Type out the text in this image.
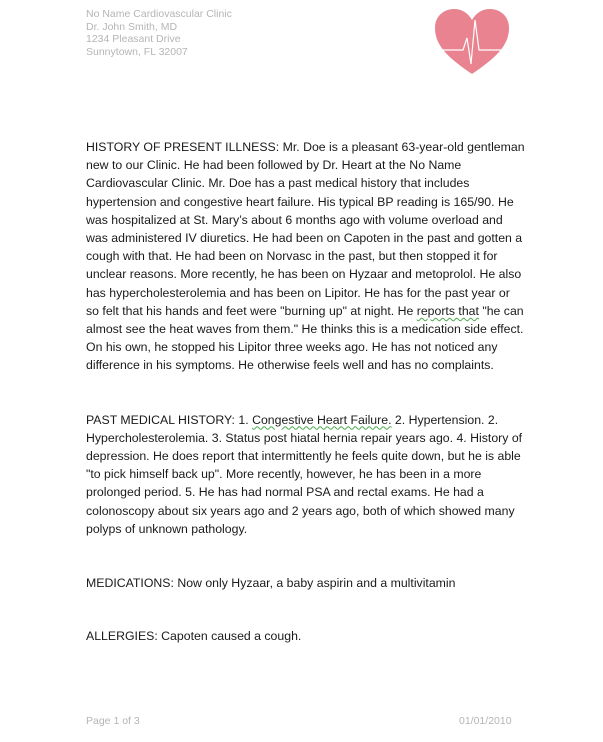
No Name Cardiovascular Clinic
Dr. John Smith, MD
1234 Pleasant Drive
Sunnytown, FL 32007

HISTORY OF PRESENT ILLNESS: Mr. Doe is a pleasant 63-year-old gentleman new to our Clinic. He had been followed by Dr. Heart at the No Name Cardiovascular Clinic. Mr. Doe has a past medical history that includes hypertension and congestive heart failure. His typical BP reading is 165/90. He was hospitalized at St. Mary’s about 6 months ago with volume overload and was administered IV diuretics. He had been on Capoten in the past and gotten a cough with that. He had been on Norvasc in the past, but then stopped it for unclear reasons. More recently, he has been on Hyzaar and metoprolol. He also has hypercholesterolemia and has been on Lipitor. He has for the past year or so felt that his hands and feet were "burning up" at night. He reports that "he can almost see the heat waves from them." He thinks this is a medication side effect. On his own, he stopped his Lipitor three weeks ago. He has not noticed any difference in his symptoms. He otherwise feels well and has no complaints.

PAST MEDICAL HISTORY: 1. Congestive Heart Failure. 2. Hypertension. 2. Hypercholesterolemia. 3. Status post hiatal hernia repair years ago. 4. History of depression. He does report that intermittently he feels quite down, but he is able "to pick himself back up". More recently, however, he has been in a more prolonged period. 5. He has had normal PSA and rectal exams. He had a colonoscopy about six years ago and 2 years ago, both of which showed many polyps of unknown pathology.

MEDICATIONS: Now only Hyzaar, a baby aspirin and a multivitamin

ALLERGIES: Capoten caused a cough.

Page 1 of 3	01/01/2010
